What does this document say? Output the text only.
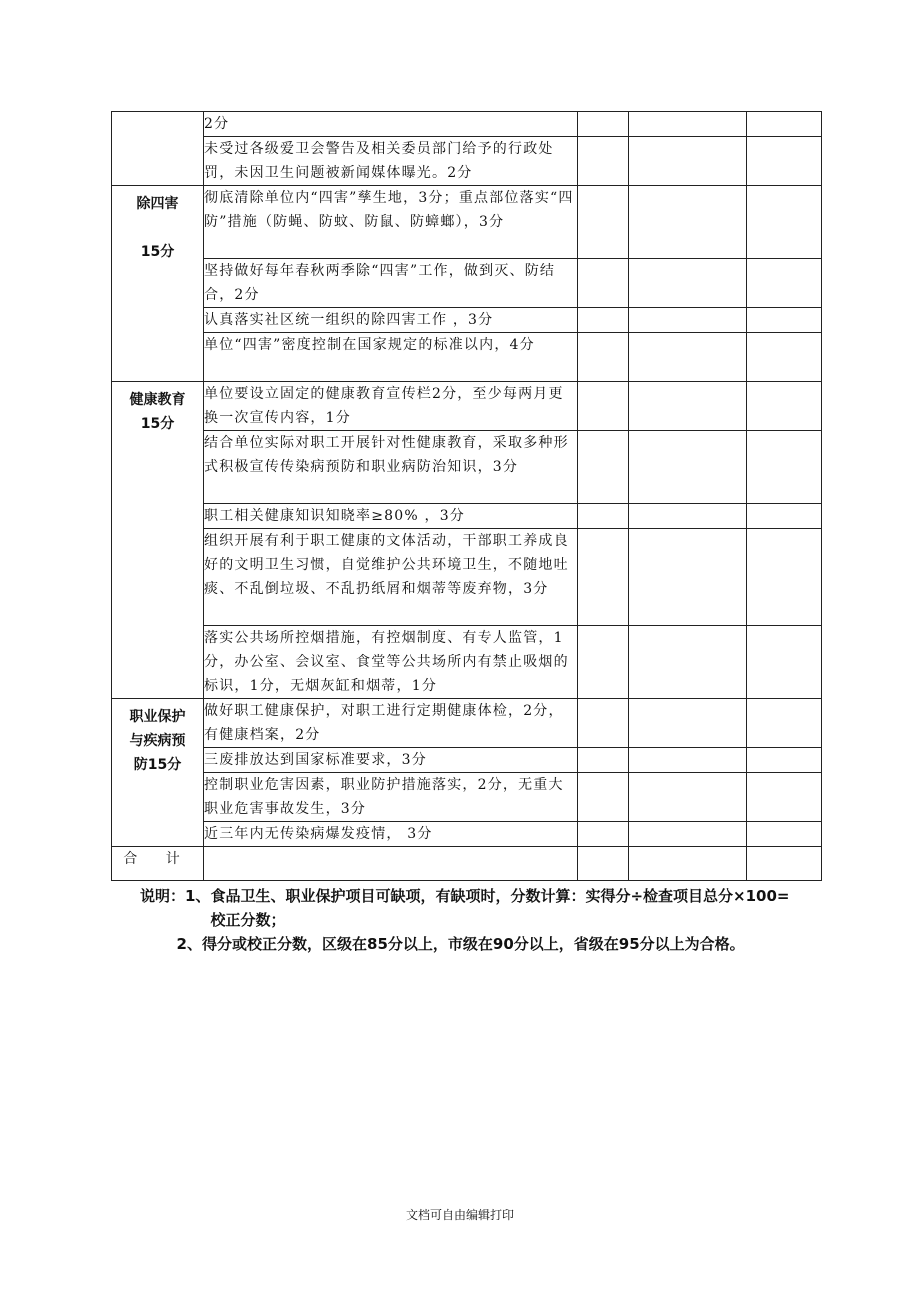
	2分			
	未受过各级爱卫会警告及相关委员部门给予的行政处罚，未因卫生问题被新闻媒体曝光。2分			

除四害

15分	彻底清除单位内“四害”孳生地，3分；重点部位落实“四防”措施（防蝇、防蚊、防鼠、防蟑螂），3分			
	坚持做好每年春秋两季除“四害”工作，做到灭、防结合，2分			
	认真落实社区统一组织的除四害工作 ，3分			
	单位“四害”密度控制在国家规定的标准以内，4分			

健康教育
15分	单位要设立固定的健康教育宣传栏2分，至少每两月更换一次宣传内容，1分			
	结合单位实际对职工开展针对性健康教育，采取多种形式积极宣传传染病预防和职业病防治知识，3分			
	职工相关健康知识知晓率≥80% ，3分			
	组织开展有利于职工健康的文体活动，干部职工养成良好的文明卫生习惯，自觉维护公共环境卫生，不随地吐痰、不乱倒垃圾、不乱扔纸屑和烟蒂等废弃物，3分			
	落实公共场所控烟措施，有控烟制度、有专人监管，1分，办公室、会议室、食堂等公共场所内有禁止吸烟的标识，1分，无烟灰缸和烟蒂，1分			

职业保护
与疾病预
防15分	做好职工健康保护，对职工进行定期健康体检，2分，有健康档案，2分			
	三废排放达到国家标准要求，3分			
	控制职业危害因素，职业防护措施落实，2分，无重大职业危害事故发生，3分			
	近三年内无传染病爆发疫情， 3分			
合 计				
说明：1、 食品卫生、职业保护项目可缺项，有缺项时，分数计算：实得分÷检查项目总分×100=校正分数；
2、 得分或校正分数，区级在85分以上，市级在90分以上，省级在95分以上为合格。
文档可自由编辑打印
